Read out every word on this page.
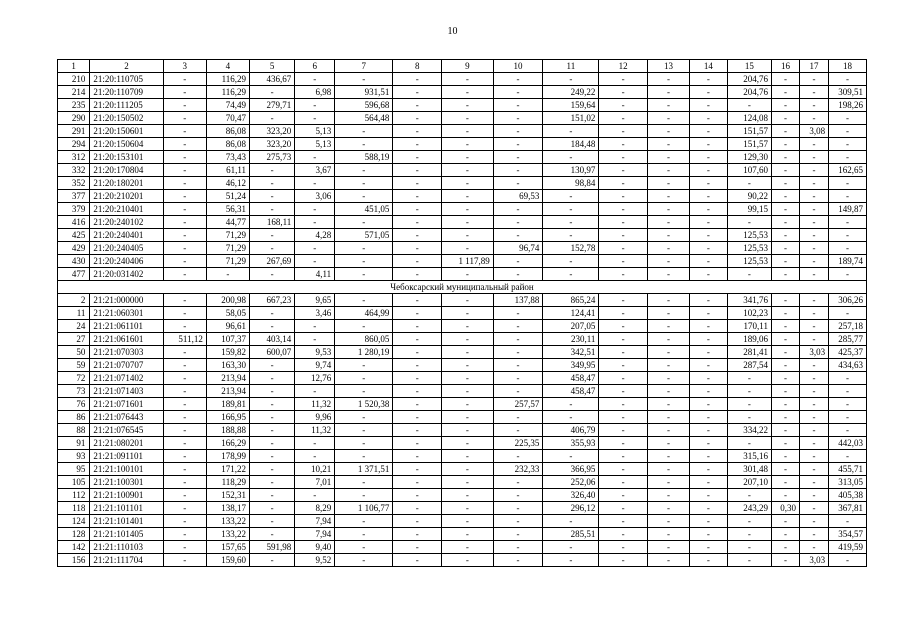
10
1	2	3	4	5	6	7	8	9	10	11	12	13	14	15	16	17	18
210	21:20:110705	-	116,29	436,67	-	-	-	-	-	-	-	-	-	204,76	-	-	-
214	21:20:110709	-	116,29	-	6,98	931,51	-	-	-	249,22	-	-	-	204,76	-	-	309,51
235	21:20:111205	-	74,49	279,71	-	596,68	-	-	-	159,64	-	-	-	-	-	-	198,26
290	21:20:150502	-	70,47	-	-	564,48	-	-	-	151,02	-	-	-	124,08	-	-	-
291	21:20:150601	-	86,08	323,20	5,13	-	-	-	-	-	-	-	-	151,57	-	3,08	-
294	21:20:150604	-	86,08	323,20	5,13	-	-	-	-	184,48	-	-	-	151,57	-	-	-
312	21:20:153101	-	73,43	275,73	-	588,19	-	-	-	-	-	-	-	129,30	-	-	-
332	21:20:170804	-	61,11	-	3,67	-	-	-	-	130,97	-	-	-	107,60	-	-	162,65
352	21:20:180201	-	46,12	-	-	-	-	-	-	98,84	-	-	-	-	-	-	-
377	21:20:210201	-	51,24	-	3,06	-	-	-	69,53	-	-	-	-	90,22	-	-	-
379	21:20:210401	-	56,31	-	-	451,05	-	-	-	-	-	-	-	99,15	-	-	149,87
416	21:20:240102	-	44,77	168,11	-	-	-	-	-	-	-	-	-	-	-	-	-
425	21:20:240401	-	71,29	-	4,28	571,05	-	-	-	-	-	-	-	125,53	-	-	-
429	21:20:240405	-	71,29	-	-	-	-	-	96,74	152,78	-	-	-	125,53	-	-	-
430	21:20:240406	-	71,29	267,69	-	-	-	1 117,89	-	-	-	-	-	125,53	-	-	189,74
477	21:20:031402	-	-	-	4,11	-	-	-	-	-	-	-	-	-	-	-	-
Чебоксарский муниципальный район																	
2	21:21:000000	-	200,98	667,23	9,65	-	-	-	137,88	865,24	-	-	-	341,76	-	-	306,26
11	21:21:060301	-	58,05	-	3,46	464,99	-	-	-	124,41	-	-	-	102,23	-	-	-
24	21:21:061101	-	96,61	-	-	-	-	-	-	207,05	-	-	-	170,11	-	-	257,18
27	21:21:061601	511,12	107,37	403,14	-	860,05	-	-	-	230,11	-	-	-	189,06	-	-	285,77
50	21:21:070303	-	159,82	600,07	9,53	1 280,19	-	-	-	342,51	-	-	-	281,41	-	3,03	425,37
59	21:21:070707	-	163,30	-	9,74	-	-	-	-	349,95	-	-	-	287,54	-	-	434,63
72	21:21:071402	-	213,94	-	12,76	-	-	-	-	458,47	-	-	-	-	-	-	-
73	21:21:071403	-	213,94	-	-	-	-	-	-	458,47	-	-	-	-	-	-	-
76	21:21:071601	-	189,81	-	11,32	1 520,38	-	-	257,57	-	-	-	-	-	-	-	-
86	21:21:076443	-	166,95	-	9,96	-	-	-	-	-	-	-	-	-	-	-	-
88	21:21:076545	-	188,88	-	11,32	-	-	-	-	406,79	-	-	-	334,22	-	-	-
91	21:21:080201	-	166,29	-	-	-	-	-	225,35	355,93	-	-	-	-	-	-	442,03
93	21:21:091101	-	178,99	-	-	-	-	-	-	-	-	-	-	315,16	-	-	-
95	21:21:100101	-	171,22	-	10,21	1 371,51	-	-	232,33	366,95	-	-	-	301,48	-	-	455,71
105	21:21:100301	-	118,29	-	7,01	-	-	-	-	252,06	-	-	-	207,10	-	-	313,05
112	21:21:100901	-	152,31	-	-	-	-	-	-	326,40	-	-	-	-	-	-	405,38
118	21:21:101101	-	138,17	-	8,29	1 106,77	-	-	-	296,12	-	-	-	243,29	0,30	-	367,81
124	21:21:101401	-	133,22	-	7,94	-	-	-	-	-	-	-	-	-	-	-	-
128	21:21:101405	-	133,22	-	7,94	-	-	-	-	285,51	-	-	-	-	-	-	354,57
142	21:21:110103	-	157,65	591,98	9,40	-	-	-	-	-	-	-	-	-	-	-	419,59
156	21:21:111704	-	159,60	-	9,52	-	-	-	-	-	-	-	-	-	-	3,03	-
